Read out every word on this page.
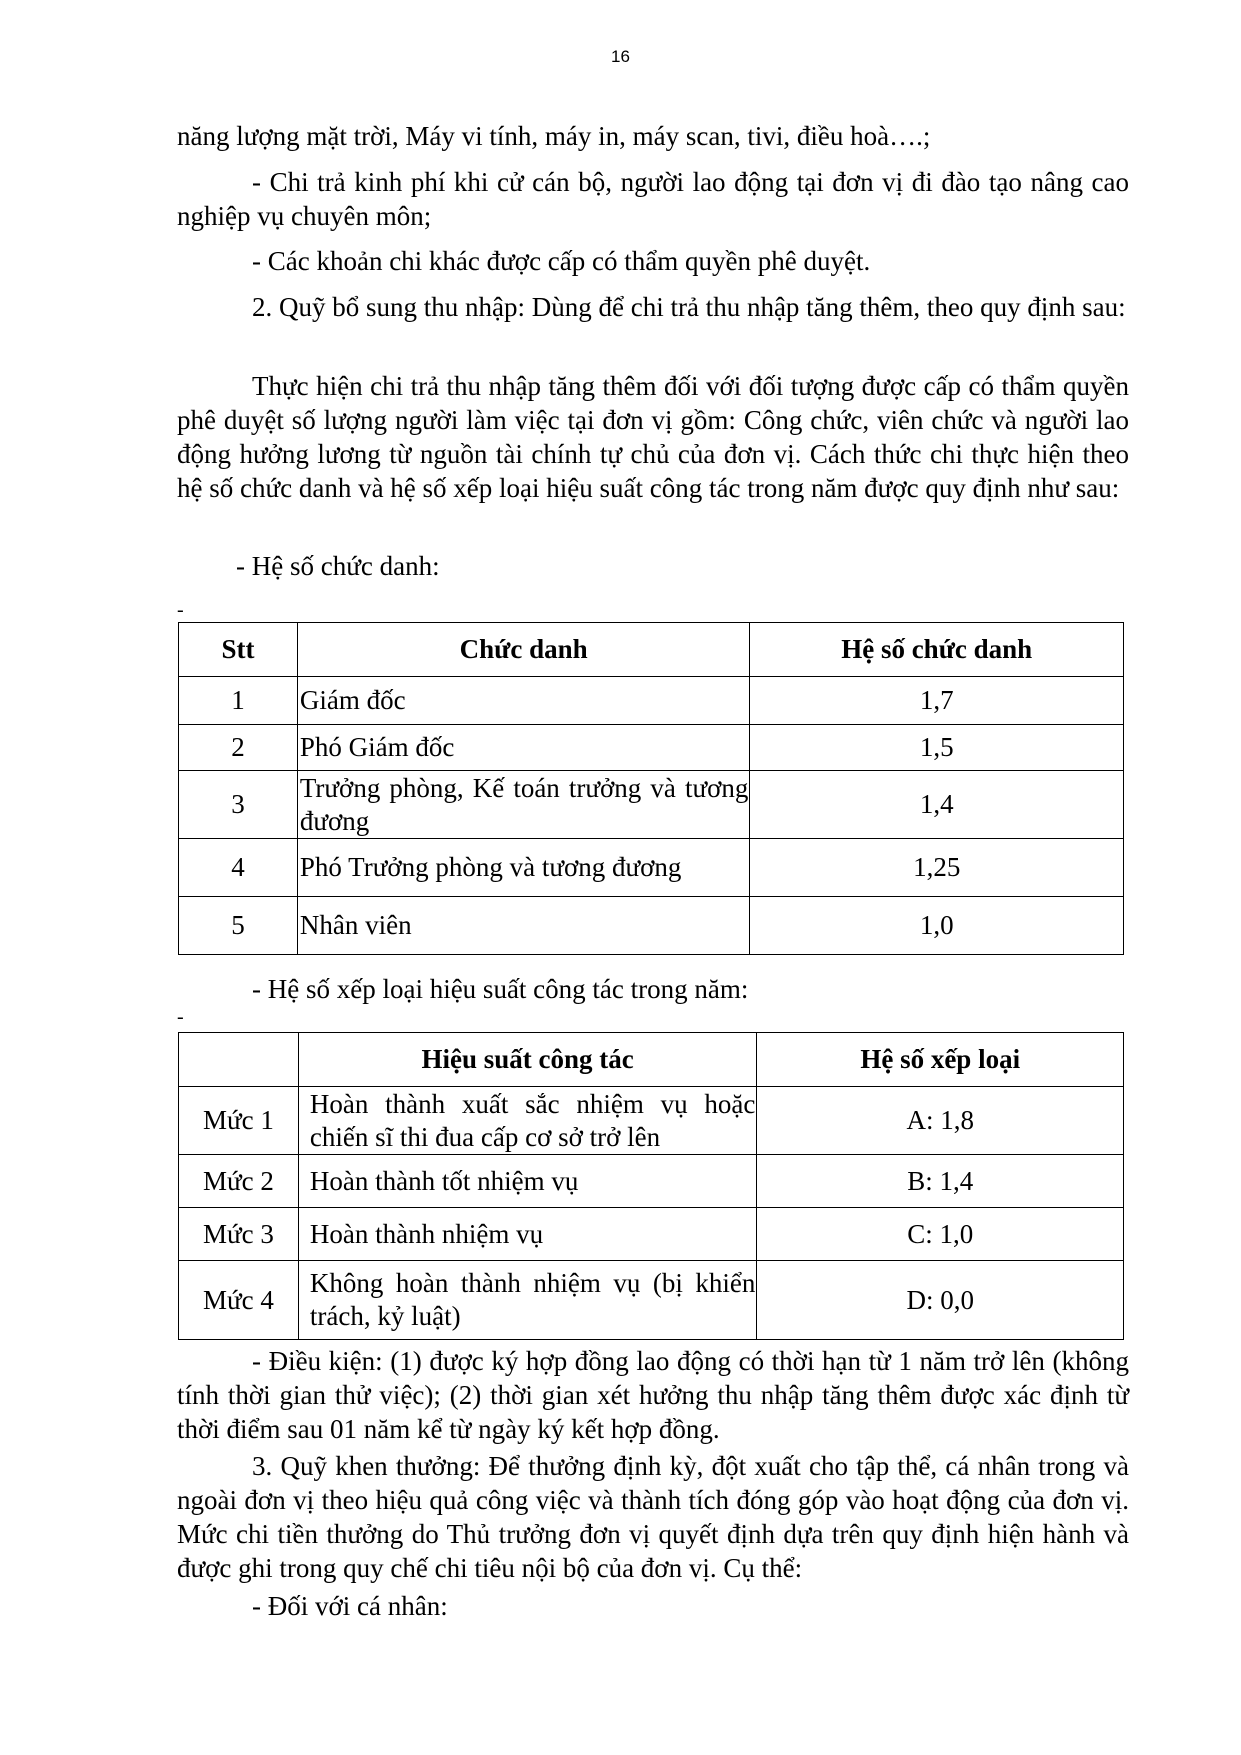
16

năng lượng mặt trời, Máy vi tính, máy in, máy scan, tivi, điều hoà….;

- Chi trả kinh phí khi cử cán bộ, người lao động tại đơn vị đi đào tạo nâng cao nghiệp vụ chuyên môn;

- Các khoản chi khác được cấp có thẩm quyền phê duyệt.

2. Quỹ bổ sung thu nhập: Dùng để chi trả thu nhập tăng thêm, theo quy định sau:

Thực hiện chi trả thu nhập tăng thêm đối với đối tượng được cấp có thẩm quyền phê duyệt số lượng người làm việc tại đơn vị gồm: Công chức, viên chức và người lao động hưởng lương từ nguồn tài chính tự chủ của đơn vị. Cách thức chi thực hiện theo hệ số chức danh và hệ số xếp loại hiệu suất công tác trong năm được quy định như sau:

- Hệ số chức danh:

-
Stt	Chức danh	Hệ số chức danh
1	Giám đốc	1,7
2	Phó Giám đốc	1,5
3	Trưởng phòng, Kế toán trưởng và tương đương	1,4
4	Phó Trưởng phòng và tương đương	1,25
5	Nhân viên	1,0

- Hệ số xếp loại hiệu suất công tác trong năm:

-
	Hiệu suất công tác	Hệ số xếp loại
Mức 1	Hoàn thành xuất sắc nhiệm vụ hoặc chiến sĩ thi đua cấp cơ sở trở lên	A: 1,8
Mức 2	Hoàn thành tốt nhiệm vụ	B: 1,4
Mức 3	Hoàn thành nhiệm vụ	C: 1,0
Mức 4	Không hoàn thành nhiệm vụ (bị khiển trách, kỷ luật)	D: 0,0

- Điều kiện: (1) được ký hợp đồng lao động có thời hạn từ 1 năm trở lên (không tính thời gian thử việc); (2) thời gian xét hưởng thu nhập tăng thêm được xác định từ thời điểm sau 01 năm kể từ ngày ký kết hợp đồng.

3. Quỹ khen thưởng: Để thưởng định kỳ, đột xuất cho tập thể, cá nhân trong và ngoài đơn vị theo hiệu quả công việc và thành tích đóng góp vào hoạt động của đơn vị. Mức chi tiền thưởng do Thủ trưởng đơn vị quyết định dựa trên quy định hiện hành và được ghi trong quy chế chi tiêu nội bộ của đơn vị. Cụ thể:

- Đối với cá nhân:
